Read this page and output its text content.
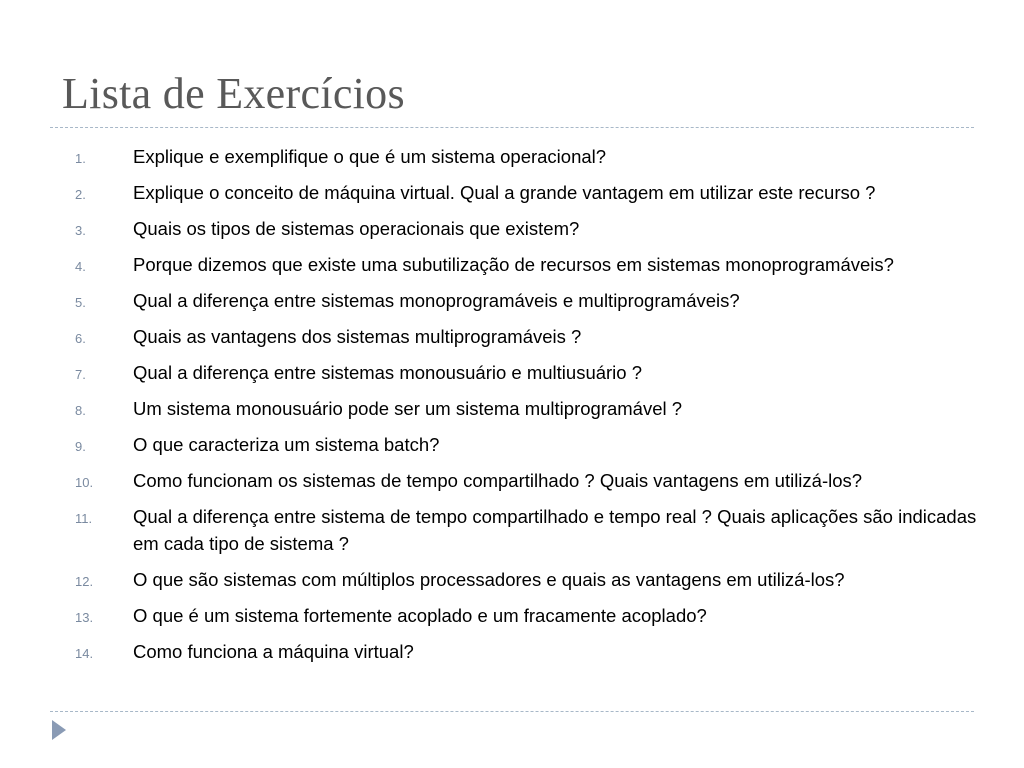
Lista de Exercícios
1.	Explique e exemplifique o que é um sistema operacional?
2.	Explique o conceito de máquina virtual. Qual a grande vantagem em utilizar este recurso ?
3.	Quais os tipos de sistemas operacionais que existem?
4.	Porque dizemos que existe uma subutilização de recursos em sistemas monoprogramáveis?
5.	Qual a diferença entre sistemas monoprogramáveis e multiprogramáveis?
6.	Quais as vantagens dos sistemas multiprogramáveis ?
7.	Qual a diferença entre sistemas monousuário e multiusuário ?
8.	Um sistema monousuário pode ser um sistema multiprogramável ?
9.	O que caracteriza um sistema batch?
10. Como funcionam os sistemas de tempo compartilhado ? Quais vantagens em utilizá-los?
11. Qual a diferença entre sistema de tempo compartilhado e tempo real ? Quais aplicações são indicadas em cada tipo de sistema ?
12. O que são sistemas com múltiplos processadores e quais as vantagens em utilizá-los?
13. O que é um sistema fortemente acoplado e um fracamente acoplado?
14. Como funciona a máquina virtual?
